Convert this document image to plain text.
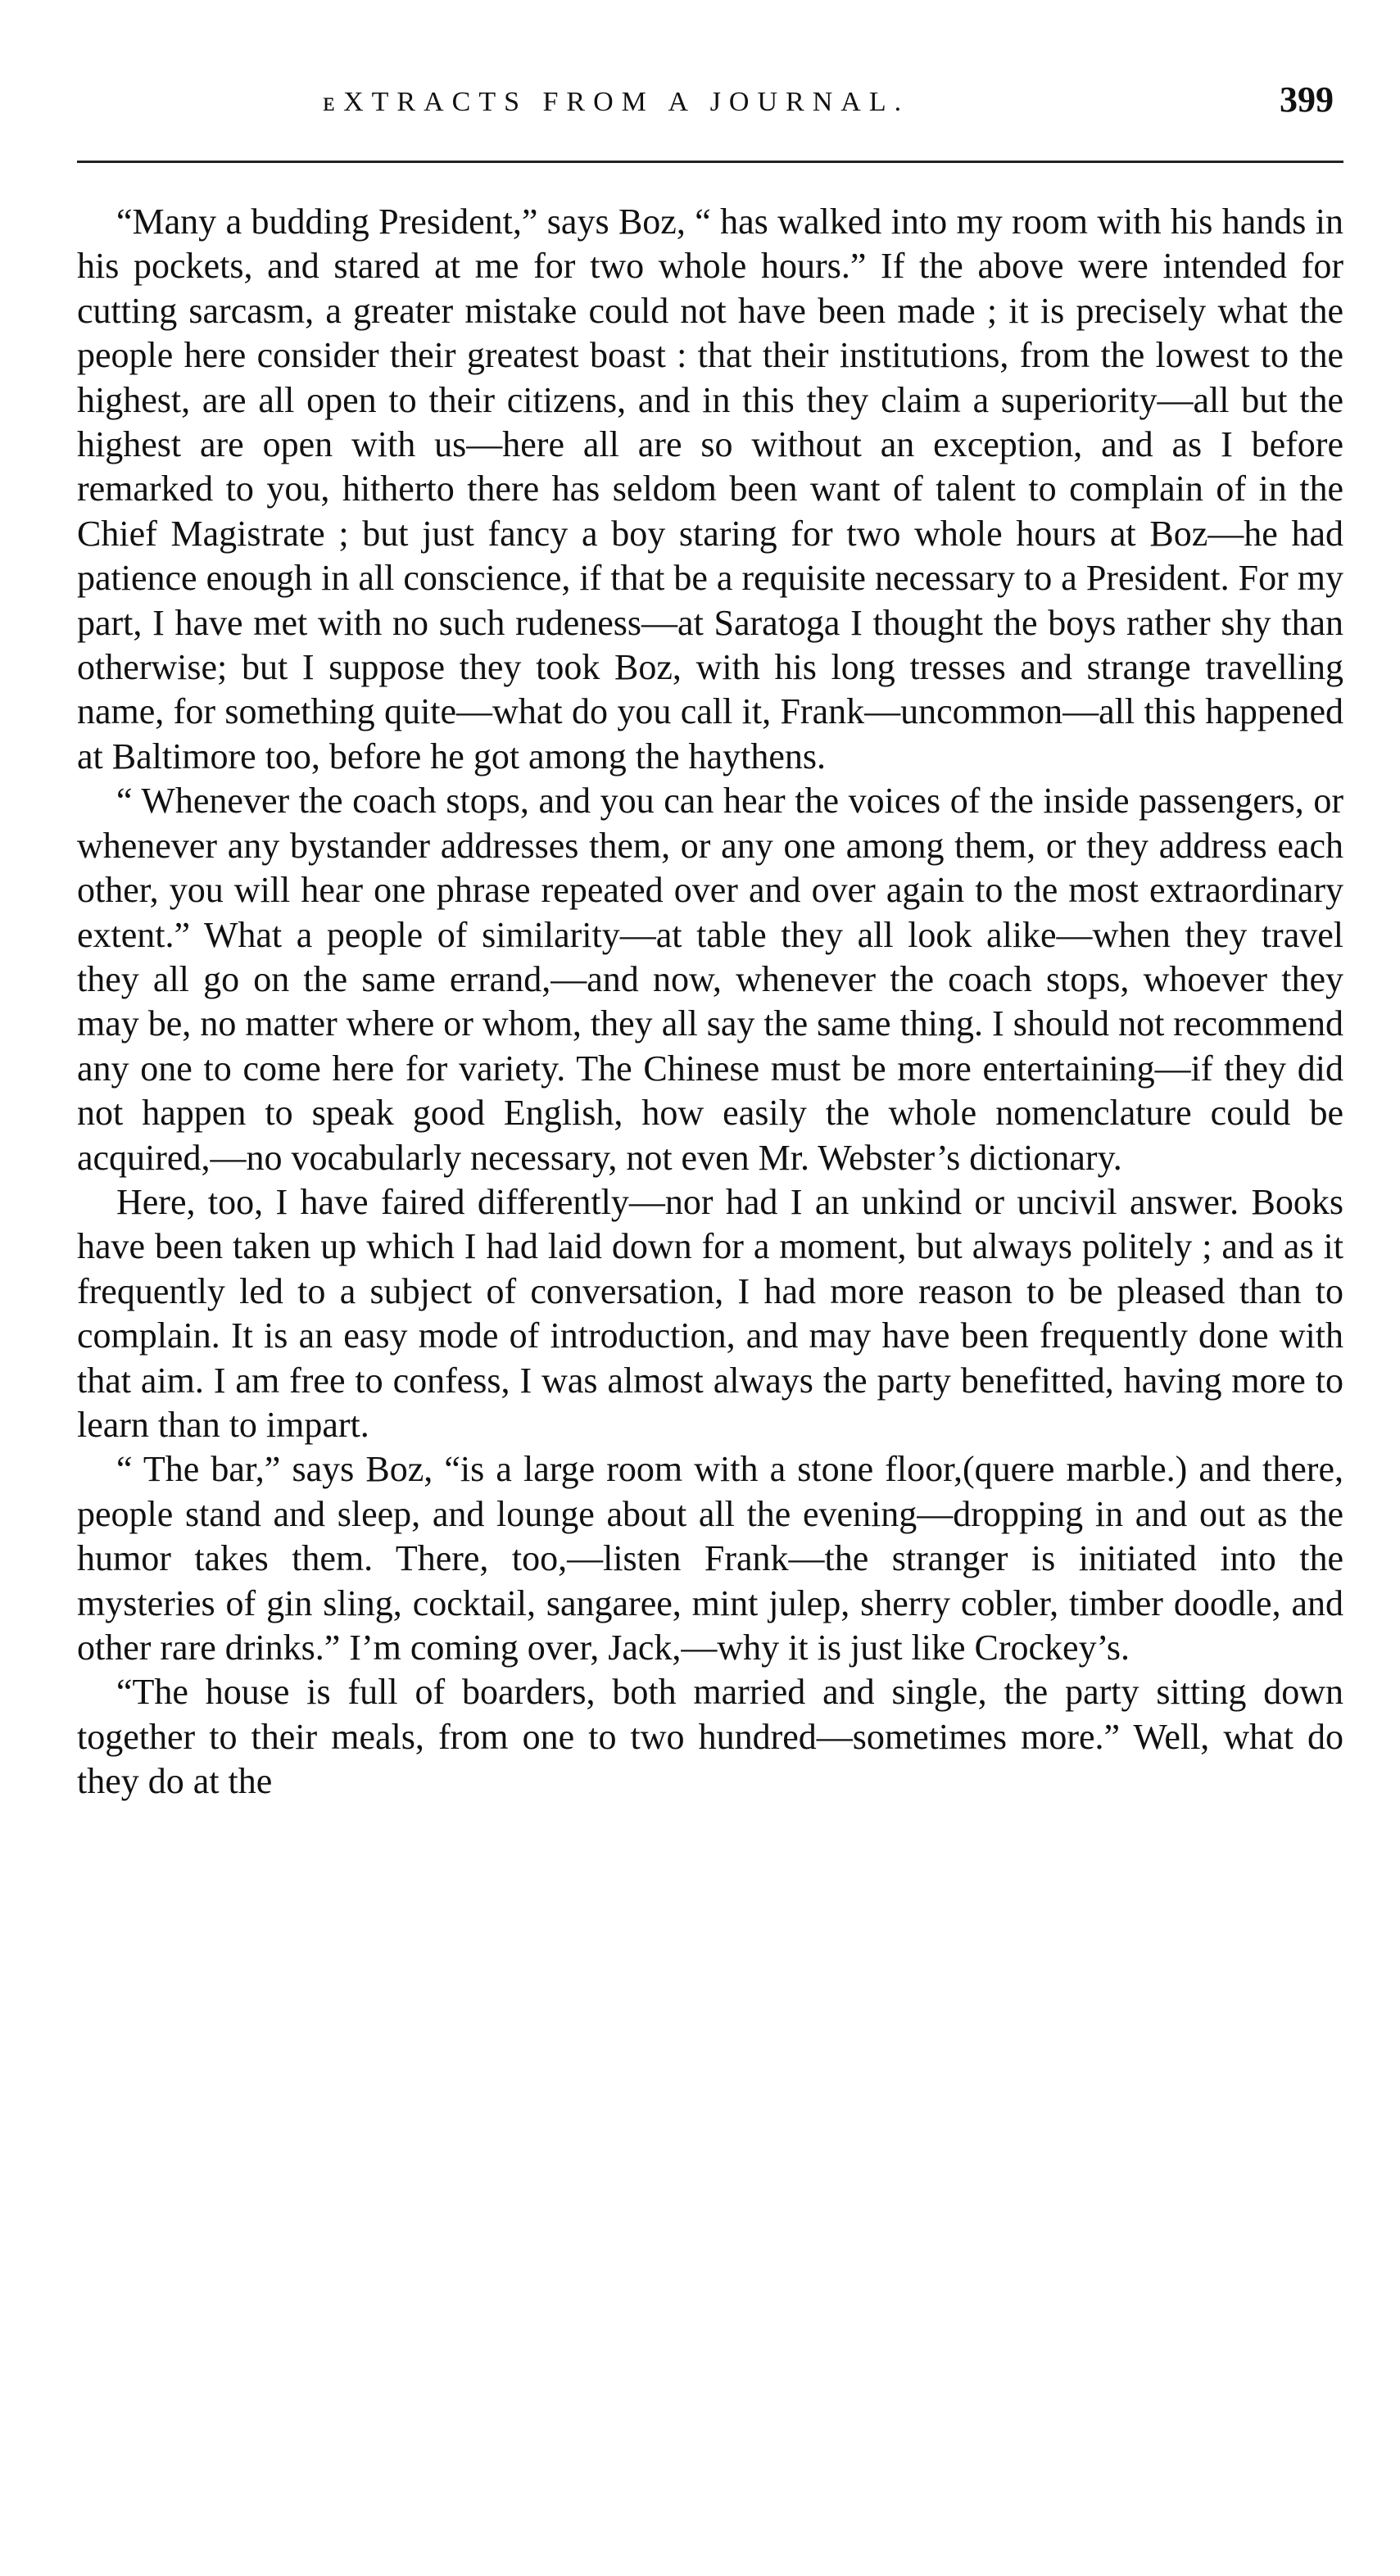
ᴇXTRACTS FROM A JOURNAL.	399

“Many a budding President,” says Boz, “ has walked into my room with his hands in his pockets, and stared at me for two whole hours.” If the above were intended for cutting sarcasm, a greater mistake could not have been made ; it is precisely what the people here consider their greatest boast : that their institutions, from the lowest to the highest, are all open to their citizens, and in this they claim a superiority—all but the highest are open with us—here all are so without an exception, and as I before remarked to you, hitherto there has seldom been want of talent to complain of in the Chief Magistrate ; but just fancy a boy staring for two whole hours at Boz—he had patience enough in all conscience, if that be a requisite necessary to a President. For my part, I have met with no such rudeness—at Saratoga I thought the boys rather shy than otherwise; but I suppose they took Boz, with his long tresses and strange travelling name, for something quite—what do you call it, Frank—uncommon—all this happened at Baltimore too, before he got among the haythens.

“ Whenever the coach stops, and you can hear the voices of the inside passengers, or whenever any bystander addresses them, or any one among them, or they address each other, you will hear one phrase repeated over and over again to the most extraordinary extent.” What a people of similarity—at table they all look alike—when they travel they all go on the same errand,—and now, whenever the coach stops, whoever they may be, no matter where or whom, they all say the same thing. I should not recommend any one to come here for variety. The Chinese must be more entertaining—if they did not happen to speak good English, how easily the whole nomenclature could be acquired,—no vocabularly necessary, not even Mr. Webster’s dictionary.

Here, too, I have faired differently—nor had I an unkind or uncivil answer. Books have been taken up which I had laid down for a moment, but always politely ; and as it frequently led to a subject of conversation, I had more reason to be pleased than to complain. It is an easy mode of introduction, and may have been frequently done with that aim. I am free to confess, I was almost always the party benefitted, having more to learn than to impart.

“ The bar,” says Boz, “is a large room with a stone floor,(quere marble.) and there, people stand and sleep, and lounge about all the evening—dropping in and out as the humor takes them. There, too,—listen Frank—the stranger is initiated into the mysteries of gin sling, cocktail, sangaree, mint julep, sherry cobler, timber doodle, and other rare drinks.” I’m coming over, Jack,—why it is just like Crockey’s.

“The house is full of boarders, both married and single, the party sitting down together to their meals, from one to two hundred—sometimes more.” Well, what do they do at the
